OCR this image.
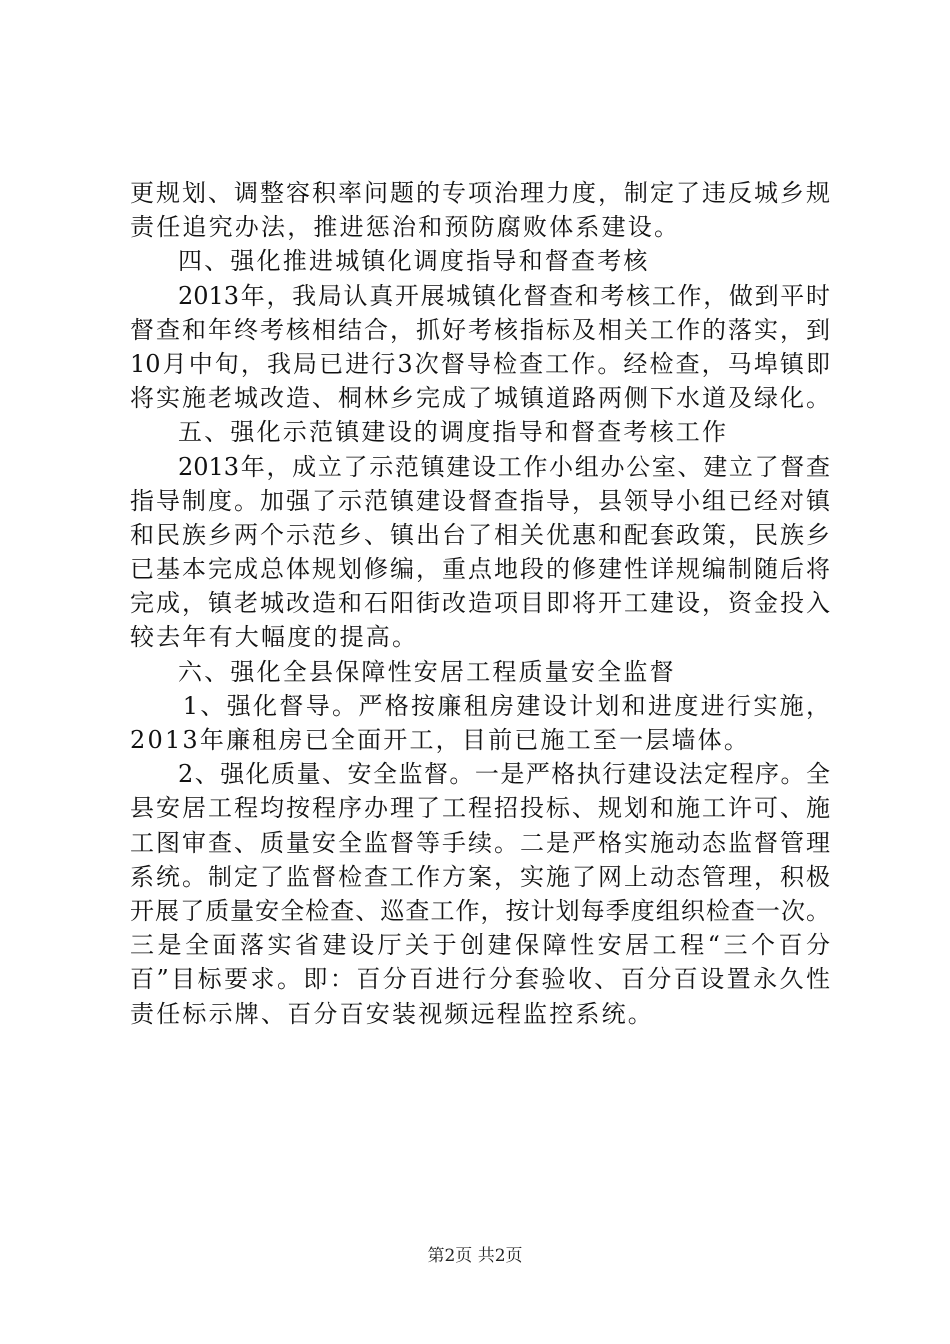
更规划、调整容积率问题的专项治理力度，制定了违反城乡规
责任追究办法，推进惩治和预防腐败体系建设。
四、强化推进城镇化调度指导和督查考核
2013年，我局认真开展城镇化督查和考核工作，做到平时
督查和年终考核相结合，抓好考核指标及相关工作的落实，到
10月中旬，我局已进行3次督导检查工作。经检查，马埠镇即
将实施老城改造、桐林乡完成了城镇道路两侧下水道及绿化。
五、强化示范镇建设的调度指导和督查考核工作
2013年，成立了示范镇建设工作小组办公室、建立了督查
指导制度。加强了示范镇建设督查指导，县领导小组已经对镇
和民族乡两个示范乡、镇出台了相关优惠和配套政策，民族乡
已基本完成总体规划修编，重点地段的修建性详规编制随后将
完成，镇老城改造和石阳街改造项目即将开工建设，资金投入
较去年有大幅度的提高。
六、强化全县保障性安居工程质量安全监督
1、强化督导。严格按廉租房建设计划和进度进行实施，
2013年廉租房已全面开工，目前已施工至一层墙体。
2、强化质量、安全监督。一是严格执行建设法定程序。全
县安居工程均按程序办理了工程招投标、规划和施工许可、施
工图审查、质量安全监督等手续。二是严格实施动态监督管理
系统。制定了监督检查工作方案，实施了网上动态管理，积极
开展了质量安全检查、巡查工作，按计划每季度组织检查一次。
三是全面落实省建设厅关于创建保障性安居工程“三个百分
百”目标要求。即：百分百进行分套验收、百分百设置永久性
责任标示牌、百分百安装视频远程监控系统。
第2页 共2页
